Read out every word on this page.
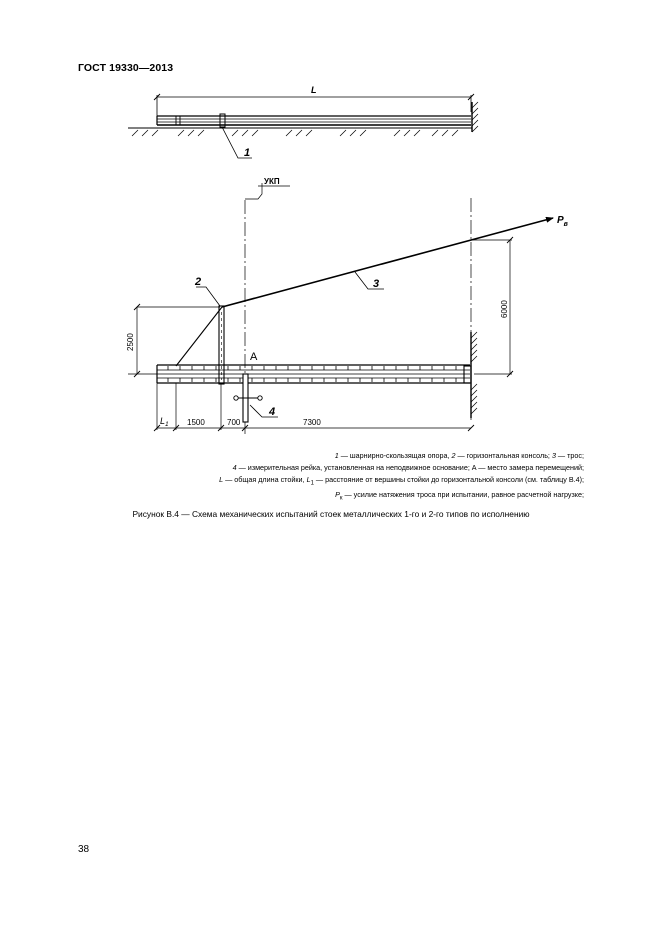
ГОСТ 19330—2013
L
1
УКП
$P_в$
2	3
4
A
2500
6000
$L_1$ 1500	700	7300
1 — шарнирно-скользящая опора, 2 — горизонтальная консоль; 3 — трос;
4 — измерительная рейка, установленная на неподвижное основание; A — место замера перемещений;
L — общая длина стойки, $L_1$ — расстояние от вершины стойки до горизонтальной консоли (см. таблицу В.4);
$P_к$ — усилие натяжения троса при испытании, равное расчетной нагрузке;
Рисунок В.4 — Схема механических испытаний стоек металлических 1-го и 2-го типов по исполнению
38
